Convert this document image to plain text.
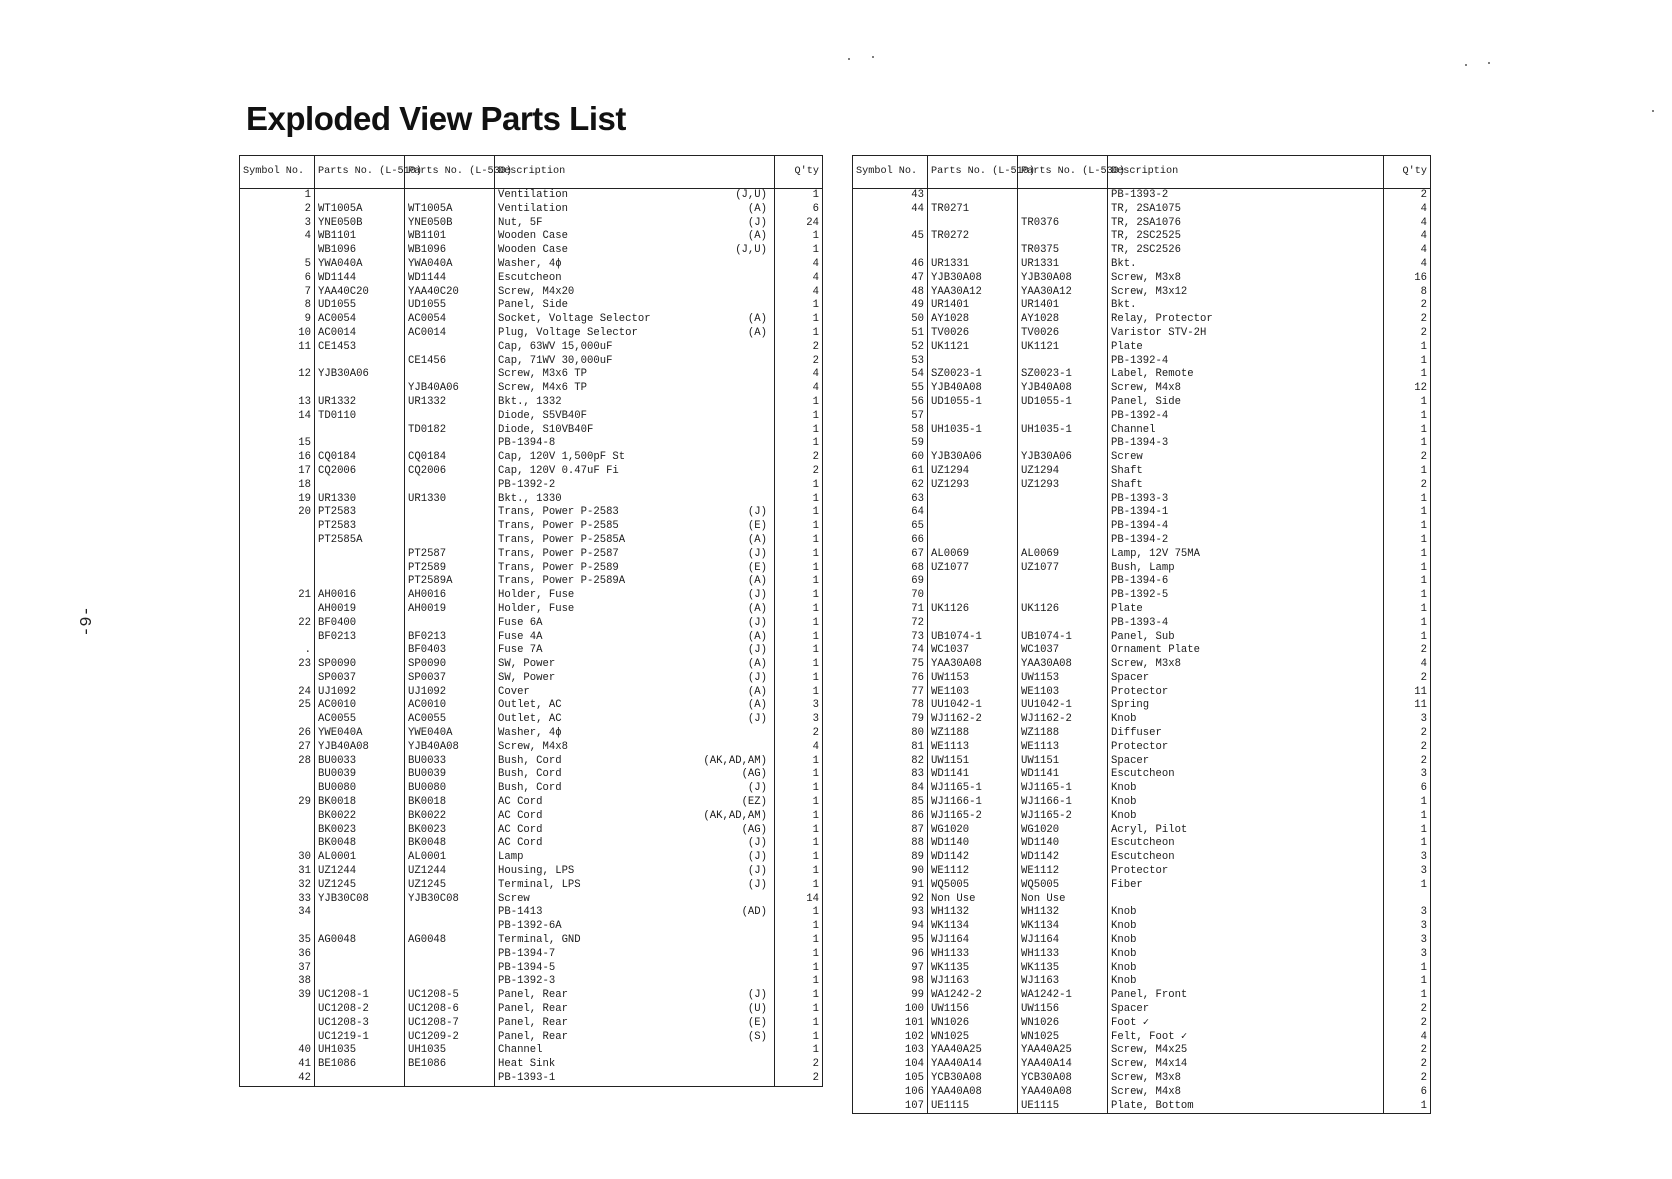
Exploded View Parts List
-9-
Symbol No.	Parts No. (L-510)	Parts No. (L-530)	Description	Q'ty
1			Ventilation (J,U)	1
2	WT1005A	WT1005A	Ventilation (A)	6
3	YNE050B	YNE050B	Nut, 5F (J)	24
4	WB1101	WB1101	Wooden Case (A)	1
	WB1096	WB1096	Wooden Case (J,U)	1
5	YWA040A	YWA040A	Washer, 4ϕ	4
6	WD1144	WD1144	Escutcheon	4
7	YAA40C20	YAA40C20	Screw, M4x20	4
8	UD1055	UD1055	Panel, Side	1
9	AC0054	AC0054	Socket, Voltage Selector (A)	1
10	AC0014	AC0014	Plug, Voltage Selector (A)	1
11	CE1453		Cap, 63WV 15,000uF	2
		CE1456	Cap, 71WV 30,000uF	2
12	YJB30A06		Screw, M3x6 TP	4
		YJB40A06	Screw, M4x6 TP	4
13	UR1332	UR1332	Bkt., 1332	1
14	TD0110		Diode, S5VB40F	1
		TD0182	Diode, S10VB40F	1
15			PB-1394-8	1
16	CQ0184	CQ0184	Cap, 120V 1,500pF St	2
17	CQ2006	CQ2006	Cap, 120V 0.47uF Fi	2
18			PB-1392-2	1
19	UR1330	UR1330	Bkt., 1330	1
20	PT2583		Trans, Power P-2583 (J)	1
	PT2583		Trans, Power P-2585 (E)	1
	PT2585A		Trans, Power P-2585A (A)	1
		PT2587	Trans, Power P-2587 (J)	1
		PT2589	Trans, Power P-2589 (E)	1
		PT2589A	Trans, Power P-2589A (A)	1
21	AH0016	AH0016	Holder, Fuse (J)	1
	AH0019	AH0019	Holder, Fuse (A)	1
22	BF0400		Fuse 6A (J)	1
	BF0213	BF0213	Fuse 4A (A)	1
.		BF0403	Fuse 7A (J)	1
23	SP0090	SP0090	SW, Power (A)	1
	SP0037	SP0037	SW, Power (J)	1
24	UJ1092	UJ1092	Cover (A)	1
25	AC0010	AC0010	Outlet, AC (A)	3
	AC0055	AC0055	Outlet, AC (J)	3
26	YWE040A	YWE040A	Washer, 4ϕ	2
27	YJB40A08	YJB40A08	Screw, M4x8	4
28	BU0033	BU0033	Bush, Cord (AK,AD,AM)	1
	BU0039	BU0039	Bush, Cord (AG)	1
	BU0080	BU0080	Bush, Cord (J)	1
29	BK0018	BK0018	AC Cord (EZ)	1
	BK0022	BK0022	AC Cord (AK,AD,AM)	1
	BK0023	BK0023	AC Cord (AG)	1
	BK0048	BK0048	AC Cord (J)	1
30	AL0001	AL0001	Lamp (J)	1
31	UZ1244	UZ1244	Housing, LPS (J)	1
32	UZ1245	UZ1245	Terminal, LPS (J)	1
33	YJB30C08	YJB30C08	Screw	14
34			PB-1413 (AD)	1

			PB-1392-6A	1
35	AG0048	AG0048	Terminal, GND	1
36			PB-1394-7	1
37			PB-1394-5	1
38			PB-1392-3	1
39	UC1208-1	UC1208-5	Panel, Rear (J)	1
	UC1208-2	UC1208-6	Panel, Rear (U)	1
	UC1208-3	UC1208-7	Panel, Rear (E)	1
	UC1219-1	UC1209-2	Panel, Rear (S)	1
40	UH1035	UH1035	Channel	1
41	BE1086	BE1086	Heat Sink	2
42			PB-1393-1	2
Symbol No.	Parts No. (L-510)	Parts No. (L-530)	Description	Q'ty
43			PB-1393-2	2
44	TR0271		TR, 2SA1075	4
		TR0376	TR, 2SA1076	4
45	TR0272		TR, 2SC2525	4
		TR0375	TR, 2SC2526	4
46	UR1331	UR1331	Bkt.	4
47	YJB30A08	YJB30A08	Screw, M3x8	16
48	YAA30A12	YAA30A12	Screw, M3x12	8
49	UR1401	UR1401	Bkt.	2
50	AY1028	AY1028	Relay, Protector	2
51	TV0026	TV0026	Varistor STV-2H	2
52	UK1121	UK1121	Plate	1
53			PB-1392-4	1
54	SZ0023-1	SZ0023-1	Label, Remote	1
55	YJB40A08	YJB40A08	Screw, M4x8	12
56	UD1055-1	UD1055-1	Panel, Side	1
57			PB-1392-4	1
58	UH1035-1	UH1035-1	Channel	1
59			PB-1394-3	1
60	YJB30A06	YJB30A06	Screw	2
61	UZ1294	UZ1294	Shaft	1
62	UZ1293	UZ1293	Shaft	2
63			PB-1393-3	1
64			PB-1394-1	1
65			PB-1394-4	1
66			PB-1394-2	1
67	AL0069	AL0069	Lamp, 12V 75MA	1
68	UZ1077	UZ1077	Bush, Lamp	1
69			PB-1394-6	1
70			PB-1392-5	1
71	UK1126	UK1126	Plate	1
72			PB-1393-4	1
73	UB1074-1	UB1074-1	Panel, Sub	1
74	WC1037	WC1037	Ornament Plate	2
75	YAA30A08	YAA30A08	Screw, M3x8	4
76	UW1153	UW1153	Spacer	2
77	WE1103	WE1103	Protector	11
78	UU1042-1	UU1042-1	Spring	11
79	WJ1162-2	WJ1162-2	Knob	3
80	WZ1188	WZ1188	Diffuser	2
81	WE1113	WE1113	Protector	2
82	UW1151	UW1151	Spacer	2
83	WD1141	WD1141	Escutcheon	3
84	WJ1165-1	WJ1165-1	Knob	6
85	WJ1166-1	WJ1166-1	Knob	1
86	WJ1165-2	WJ1165-2	Knob	1
87	WG1020	WG1020	Acryl, Pilot	1
88	WD1140	WD1140	Escutcheon	1
89	WD1142	WD1142	Escutcheon	3
90	WE1112	WE1112	Protector	3
91	WQ5005	WQ5005	Fiber	1
92	Non Use	Non Use	

93	WH1132	WH1132	Knob	3
94	WK1134	WK1134	Knob	3
95	WJ1164	WJ1164	Knob	3
96	WH1133	WH1133	Knob	3
97	WK1135	WK1135	Knob	1
98	WJ1163	WJ1163	Knob	1
99	WA1242-2	WA1242-1	Panel, Front	1
100	UW1156	UW1156	Spacer	2
101	WN1026	WN1026	Foot ✓	2
102	WN1025	WN1025	Felt, Foot ✓	4
103	YAA40A25	YAA40A25	Screw, M4x25	2
104	YAA40A14	YAA40A14	Screw, M4x14	2
105	YCB30A08	YCB30A08	Screw, M3x8	2
106	YAA40A08	YAA40A08	Screw, M4x8	6
107	UE1115	UE1115	Plate, Bottom	1
